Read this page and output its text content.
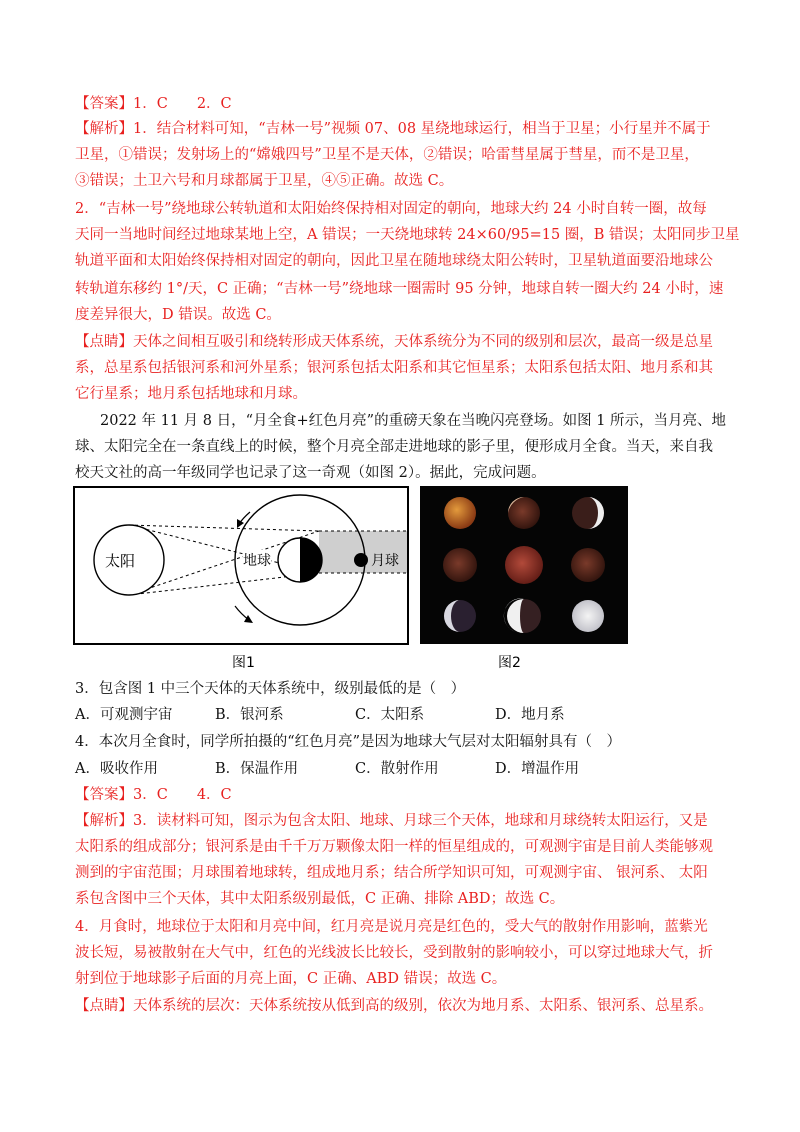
【答案】1．C　　2．C
【解析】1．结合材料可知，“吉林一号”视频 07、08 星绕地球运行，相当于卫星；小行星并不属于
卫星，①错误；发射场上的“嫦娥四号”卫星不是天体，②错误；哈雷彗星属于彗星，而不是卫星，
③错误；土卫六号和月球都属于卫星，④⑤正确。故选 C。
2．“吉林一号”绕地球公转轨道和太阳始终保持相对固定的朝向，地球大约 24 小时自转一圈，故每
天同一当地时间经过地球某地上空，A 错误；一天绕地球转 24×60/95=15 圈，B 错误；太阳同步卫星
轨道平面和太阳始终保持相对固定的朝向，因此卫星在随地球绕太阳公转时，卫星轨道面要沿地球公
转轨道东移约 1°/天，C 正确；“吉林一号”绕地球一圈需时 95 分钟，地球自转一圈大约 24 小时，速
度差异很大，D 错误。故选 C。
【点睛】天体之间相互吸引和绕转形成天体系统，天体系统分为不同的级别和层次，最高一级是总星
系，总星系包括银河系和河外星系；银河系包括太阳系和其它恒星系；太阳系包括太阳、地月系和其
它行星系；地月系包括地球和月球。
2022 年 11 月 8 日，“月全食+红色月亮”的重磅天象在当晚闪亮登场。如图 1 所示，当月亮、地
球、太阳完全在一条直线上的时候，整个月亮全部走进地球的影子里，便形成月全食。当天，来自我
校天文社的高一年级同学也记录了这一奇观（如图 2）。据此，完成问题。
太阳	地球	月球
图1	图2
3．包含图 1 中三个天体的天体系统中，级别最低的是（　）
A．可观测宇宙	B．银河系	C．太阳系	D．地月系
4．本次月全食时，同学所拍摄的“红色月亮”是因为地球大气层对太阳辐射具有（　）
A．吸收作用	B．保温作用	C．散射作用	D．增温作用
【答案】3．C　　4．C
【解析】3．读材料可知，图示为包含太阳、地球、月球三个天体，地球和月球绕转太阳运行，又是
太阳系的组成部分；银河系是由千千万万颗像太阳一样的恒星组成的，可观测宇宙是目前人类能够观
测到的宇宙范围；月球围着地球转，组成地月系；结合所学知识可知，可观测宇宙、 银河系、 太阳
系包含图中三个天体，其中太阳系级别最低，C 正确、排除 ABD；故选 C。
4．月食时，地球位于太阳和月亮中间，红月亮是说月亮是红色的，受大气的散射作用影响，蓝紫光
波长短，易被散射在大气中，红色的光线波长比较长，受到散射的影响较小，可以穿过地球大气，折
射到位于地球影子后面的月亮上面，C 正确、ABD 错误；故选 C。
【点睛】天体系统的层次：天体系统按从低到高的级别，依次为地月系、太阳系、银河系、总星系。
